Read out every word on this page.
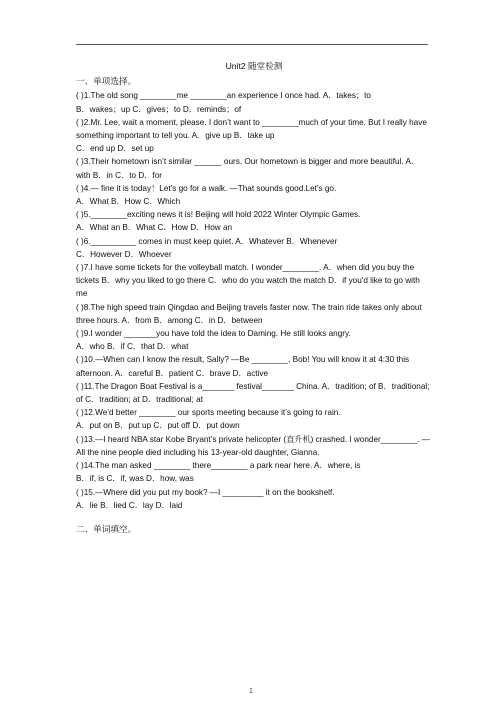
Unit2 随堂检测
一、单项选择。
( )1.The old song ________me ________an experience I once had. A．takes；to
B．wakes；up C．gives；to D．reminds；of
( )2.Mr. Lee, wait a moment, please. I don’t want to ________much of your time. But I really have something important to tell you. A．give up B．take up
C．end up D．set up
( )3.Their hometown isn’t similar ______ ours. Our hometown is bigger and more beautiful. A．with B．in C．to D．for
( )4.— fine it is today！Let's go for a walk. —That sounds good.Let's go.
A．What B．How C．Which
( )5.________exciting news it is! Beijing will hold 2022 Winter Olympic Games.
A．What an B．What C．How D．How an
( )6.__________ comes in must keep quiet. A．Whatever B．Whenever
C．However D．Whoever
( )7.I have some tickets for the volleyball match. I wonder________. A．when did you buy the tickets B．why you liked to go there C．who do you watch the match D．if you'd like to go with me
( )8.The high speed train Qingdao and Beijing travels faster now. The train ride takes only about three hours. A．from B．among C．in D．between
( )9.I wonder _______you have told the idea to Daming. He still looks angry.
A．who B．if C．that D．what
( )10.—When can I know the result, Sally? —Be ________, Bob! You will know it at 4:30 this afternoon. A．careful B．patient C．brave D．active
( )11.The Dragon Boat Festival is a_______ festival_______ China. A．tradition; of B．traditional; of C．tradition; at D．traditional; at
( )12.We’d better ________ our sports meeting because it’s going to rain.
A．put on B．put up C．put off D．put down
( )13.—I heard NBA star Kobe Bryant’s private helicopter (直升机) crashed. I wonder________. —All the nine people died including his 13-year-old daughter, Gianna.
( )14.The man asked ________ there________ a park near here. A．where, is
B．if, is C．if, was D．how, was
( )15.—Where did you put my book? —I _________ it on the bookshelf.
A．lie B．lied C．lay D．laid
二、单词填空。
1
